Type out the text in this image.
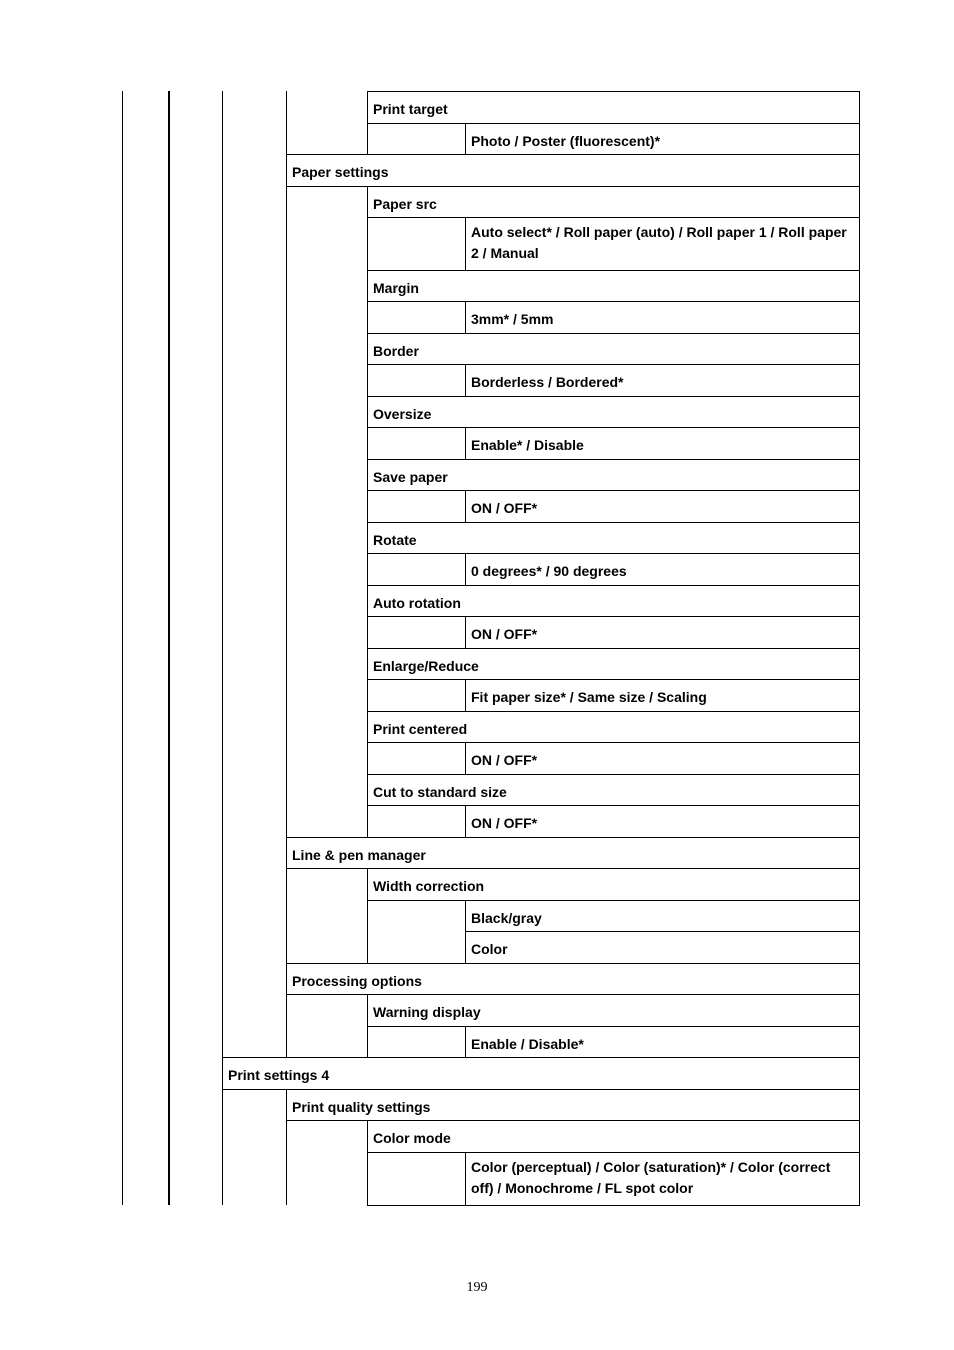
Print target
Photo / Poster (fluorescent)*
Paper settings
Paper src
Auto select* / Roll paper (auto) / Roll paper 1 / Roll paper 2 / Manual
Margin
3mm* / 5mm
Border
Borderless / Bordered*
Oversize
Enable* / Disable
Save paper
ON / OFF*
Rotate
0 degrees* / 90 degrees
Auto rotation
ON / OFF*
Enlarge/Reduce
Fit paper size* / Same size / Scaling
Print centered
ON / OFF*
Cut to standard size
ON / OFF*
Line & pen manager
Width correction
Black/gray
Color
Processing options
Warning display
Enable / Disable*
Print settings 4
Print quality settings
Color mode
Color (perceptual) / Color (saturation)* / Color (correct off) / Monochrome / FL spot color
199
